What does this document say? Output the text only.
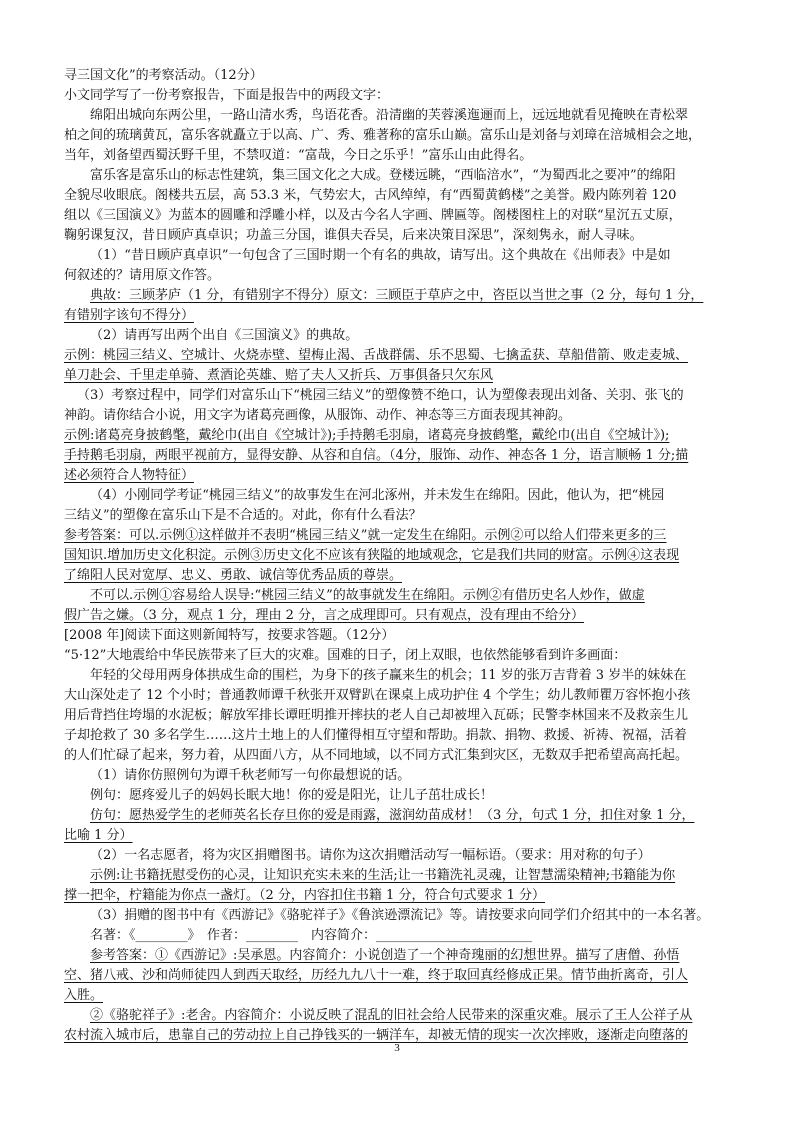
寻三国文化”的考察活动。（12分）
小文同学写了一份考察报告，下面是报告中的两段文字：
绵阳出城向东两公里，一路山清水秀，鸟语花香。沿清幽的芙蓉溪迤逦而上，远远地就看见掩映在青松翠
柏之间的琉璃黄瓦，富乐客就矗立于以高、广、秀、雅著称的富乐山巅。富乐山是刘备与刘璋在涪城相会之地，
当年，刘备望西蜀沃野千里，不禁叹道：“富哉，今日之乐乎！”富乐山由此得名。
富乐客是富乐山的标志性建筑，集三国文化之大成。登楼远眺，“西临涪水”，“为蜀西北之要冲”的绵阳
全貌尽收眼底。阁楼共五层，高 53.3 米，气势宏大，古风绰绰，有“西蜀黄鹤楼”之美誉。殿内陈列着 120
组以《三国演义》为蓝本的圆雕和浮雕小样，以及古今名人字画、牌匾等。阁楼图柱上的对联“星沉五丈原，
鞠躬课复汉，昔日顾庐真卓识；功盖三分国，谁俱夫吞吴，后来决策目深思”，深刻隽永，耐人寻味。
（1）“昔日顾庐真卓识”一句包含了三国时期一个有名的典故，请写出。这个典故在《出师表》中是如
何叙述的？请用原文作答。
典故：三顾茅庐（1 分，有错别字不得分）原文：三顾臣于草庐之中，咨臣以当世之事（2 分，每句 1 分，
有错别字该句不得分）
（2）请再写出两个出自《三国演义》的典故。
示例：桃园三结义、空城计、火烧赤壁、望梅止渴、舌战群儒、乐不思蜀、七擒孟获、草船借箭、败走麦城、
单刀赴会、千里走单骑、煮酒论英雄、赔了夫人又折兵、万事俱备只欠东风
（3）考察过程中，同学们对富乐山下“桃园三结义”的塑像赞不绝口，认为塑像表现出刘备、关羽、张飞的
神韵。请你结合小说，用文字为诸葛亮画像，从服饰、动作、神态等三方面表现其神韵。
示例:诸葛亮身披鹤氅，戴纶巾(出自《空城计》);手持鹅毛羽扇，诸葛亮身披鹤氅，戴纶巾(出自《空城计》);
手持鹅毛羽扇，两眼平视前方，显得安静、从容和自信。（4分，服饰、动作、神态各 1 分，语言顺畅 1 分;描
述必须符合人物特征）
（4）小刚同学考证“桃园三结义”的故事发生在河北涿州，并未发生在绵阳。因此，他认为，把“桃园
三结义”的塑像在富乐山下是不合适的。对此，你有什么看法？
参考答案：可以.示例①这样做并不表明“桃园三结义”就一定发生在绵阳。示例②可以给人们带来更多的三
国知识.增加历史文化积淀。示例③历史文化不应该有狭隘的地域观念，它是我们共同的财富。示例④这表现
了绵阳人民对宽厚、忠义、勇敢、诚信等优秀品质的尊崇。
不可以.示例①容易给人误导:“桃园三结义”的故事就发生在绵阳。示例②有借历史名人炒作，做虚
假广告之嫌。（3 分，观点 1 分，理由 2 分，言之成理即可。只有观点，没有理由不给分）
[2008 年]阅读下面这则新闻特写，按要求答题。（12分）
“5·12”大地震给中华民族带来了巨大的灾难。国难的日子，闭上双眼，也依然能够看到许多画面：
年轻的父母用两身体拱成生命的围栏，为身下的孩子赢来生的机会；11 岁的张万吉背着 3 岁半的妹妹在
大山深处走了 12 个小时；普通教师谭千秋张开双臂趴在课桌上成功护住 4 个学生；幼儿教师瞿万容怀抱小孩
用后背挡住垮塌的水泥板；解放军排长谭旺明推开摔扶的老人自己却被埋入瓦砾；民警李林国来不及救亲生儿
子却抢救了 30 多名学生……这片土地上的人们懂得相互守望和帮助。捐款、捐物、救援、祈祷、祝福，活着
的人们忙碌了起来，努力着，从四面八方，从不同地域，以不同方式汇集到灾区，无数双手把希望高高托起。
（1）请你仿照例句为谭千秋老师写一句你最想说的话。
例句：愿疼爱儿子的妈妈长眠大地！你的爱是阳光，让儿子茁壮成长！
仿句：愿热爱学生的老师英名长存旦你的爱是雨露，滋润幼苗成材！（3 分，句式 1 分，扣住对象 1 分，
比喻 1 分）
（2）一名志愿者，将为灾区捐赠图书。请你为这次捐赠活动写一幅标语。（要求：用对称的句子）
示例:让书籍抚慰受伤的心灵，让知识充实未来的生活;让一书籍洗礼灵魂，让智慧濡染精神;书籍能为你
撑一把伞，柠籍能为你点一盏灯。（2 分，内容扣住书籍 1 分，符合句式要求 1 分）
（3）捐赠的图书中有《西游记》《骆驼祥子》《鲁滨逊漂流记》等。请按要求向同学们介绍其中的一本名著。
名著：《________》　作者：________　内容简介：________________________
参考答案：①《西游记》:吴承恩。内容简介：小说创造了一个神奇瑰丽的幻想世界。描写了唐僧、孙悟
空、猪八戒、沙和尚师徒四人到西天取经，历经九九八十一难，终于取回真经修成正果。情节曲折离奇，引人
入胜。
②《骆驼祥子》:老舍。内容简介：小说反映了混乱的旧社会给人民带来的深重灾难。展示了王人公祥子从
农村流入城市后，患靠自己的劳动拉上自己挣钱买的一辆洋车，却被无情的现实一次次摔败，逐渐走向堕落的
3
